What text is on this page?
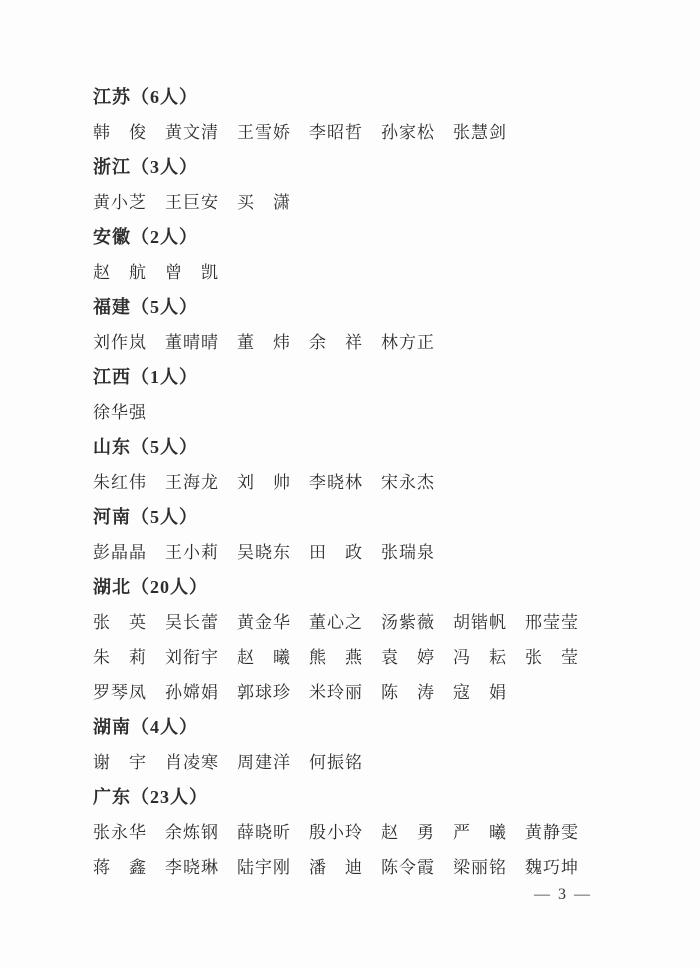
江苏（6人）
韩　俊 黄文清 王雪娇 李昭哲 孙家松 张慧剑
浙江（3人）
黄小芝 王巨安 买　潇
安徽（2人）
赵　航 曾　凯
福建（5人）
刘作岚 董晴晴 董　炜 余　祥 林方正
江西（1人）
徐华强
山东（5人）
朱红伟 王海龙 刘　帅 李晓林 宋永杰
河南（5人）
彭晶晶 王小莉 吴晓东 田　政 张瑞泉
湖北（20人）
张　英 吴长蕾 黄金华 董心之 汤紫薇 胡锴帆 邢莹莹
朱　莉 刘衔宇 赵　曦 熊　燕 袁　婷 冯　耘 张　莹
罗琴凤 孙嫦娟 郭球珍 米玲丽 陈　涛 寇　娟
湖南（4人）
谢　宇 肖凌寒 周建洋 何振铭
广东（23人）
张永华 余炼钢 薛晓昕 殷小玲 赵　勇 严　曦 黄静雯
蒋　鑫 李晓琳 陆宇刚 潘　迪 陈令霞 梁丽铭 魏巧坤
— 3 —
